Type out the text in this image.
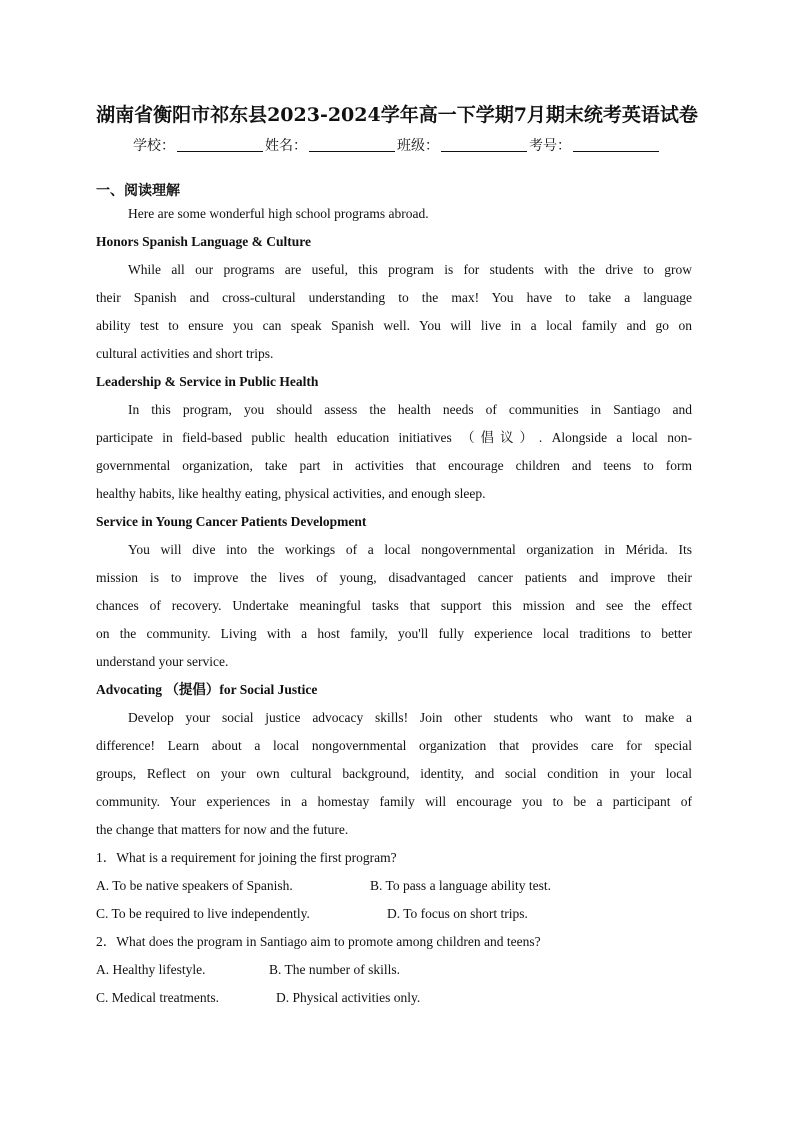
湖南省衡阳市祁东县2023-2024学年高一下学期7月期末统考英语试卷
学校：	姓名：	班级：	考号：
一、阅读理解
Here are some wonderful high school programs abroad.
Honors Spanish Language & Culture
While all our programs are useful, this program is for students with the drive to grow
their Spanish and cross-cultural understanding to the max! You have to take a language
ability test to ensure you can speak Spanish well. You will live in a local family and go on
cultural activities and short trips.
Leadership & Service in Public Health
In this program, you should assess the health needs of communities in Santiago and
participate in field-based public health education initiatives （倡议）. Alongside a local non-
governmental organization, take part in activities that encourage children and teens to form
healthy habits, like healthy eating, physical activities, and enough sleep.
Service in Young Cancer Patients Development
You will dive into the workings of a local nongovernmental organization in Mérida. Its
mission is to improve the lives of young, disadvantaged cancer patients and improve their
chances of recovery. Undertake meaningful tasks that support this mission and see the effect
on the community. Living with a host family, you'll fully experience local traditions to better
understand your service.
Advocating （提倡）for Social Justice
Develop your social justice advocacy skills! Join other students who want to make a
difference! Learn about a local nongovernmental organization that provides care for special
groups, Reflect on your own cultural background, identity, and social condition in your local
community. Your experiences in a homestay family will encourage you to be a participant of
the change that matters for now and the future.
1．What is a requirement for joining the first program?
A. To be native speakers of Spanish.	B. To pass a language ability test.
C. To be required to live independently.	D. To focus on short trips.
2．What does the program in Santiago aim to promote among children and teens?
A. Healthy lifestyle.	B. The number of skills.
C. Medical treatments.	D. Physical activities only.
